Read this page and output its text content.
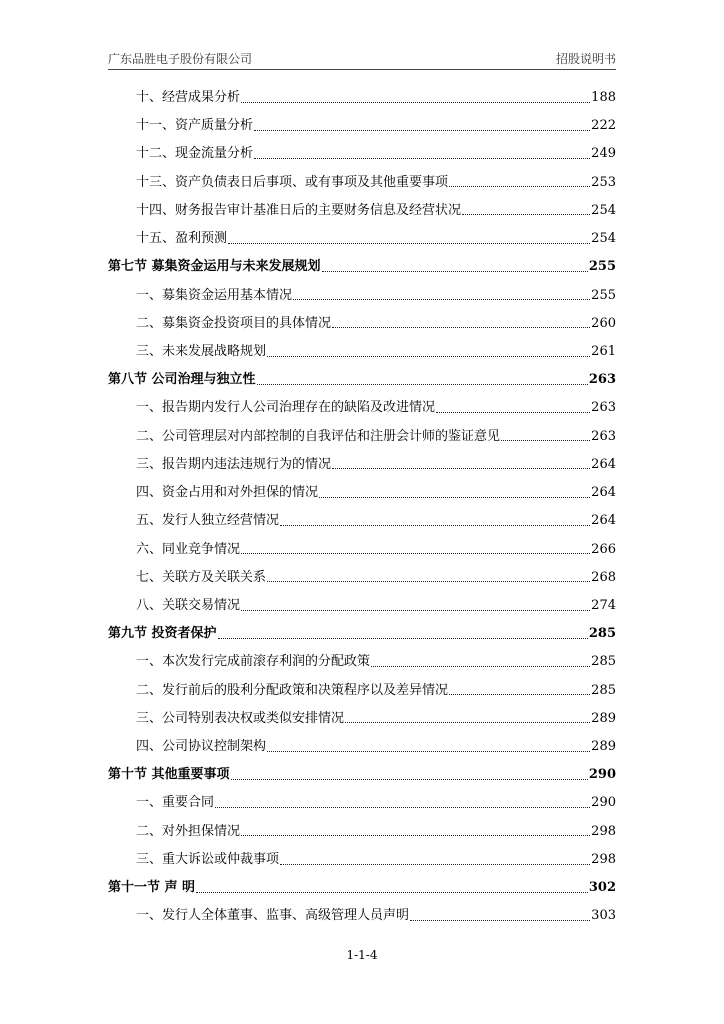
广东品胜电子股份有限公司	招股说明书
十、经营成果分析	188
十一、资产质量分析	222
十二、现金流量分析	249
十三、资产负债表日后事项、或有事项及其他重要事项	253
十四、财务报告审计基准日后的主要财务信息及经营状况	254
十五、盈利预测	254
第七节 募集资金运用与未来发展规划	255
一、募集资金运用基本情况	255
二、募集资金投资项目的具体情况	260
三、未来发展战略规划	261
第八节 公司治理与独立性	263
一、报告期内发行人公司治理存在的缺陷及改进情况	263
二、公司管理层对内部控制的自我评估和注册会计师的鉴证意见	263
三、报告期内违法违规行为的情况	264
四、资金占用和对外担保的情况	264
五、发行人独立经营情况	264
六、同业竞争情况	266
七、关联方及关联关系	268
八、关联交易情况	274
第九节 投资者保护	285
一、本次发行完成前滚存利润的分配政策	285
二、发行前后的股利分配政策和决策程序以及差异情况	285
三、公司特别表决权或类似安排情况	289
四、公司协议控制架构	289
第十节 其他重要事项	290
一、重要合同	290
二、对外担保情况	298
三、重大诉讼或仲裁事项	298
第十一节 声 明	302
一、发行人全体董事、监事、高级管理人员声明	303
1-1-4
